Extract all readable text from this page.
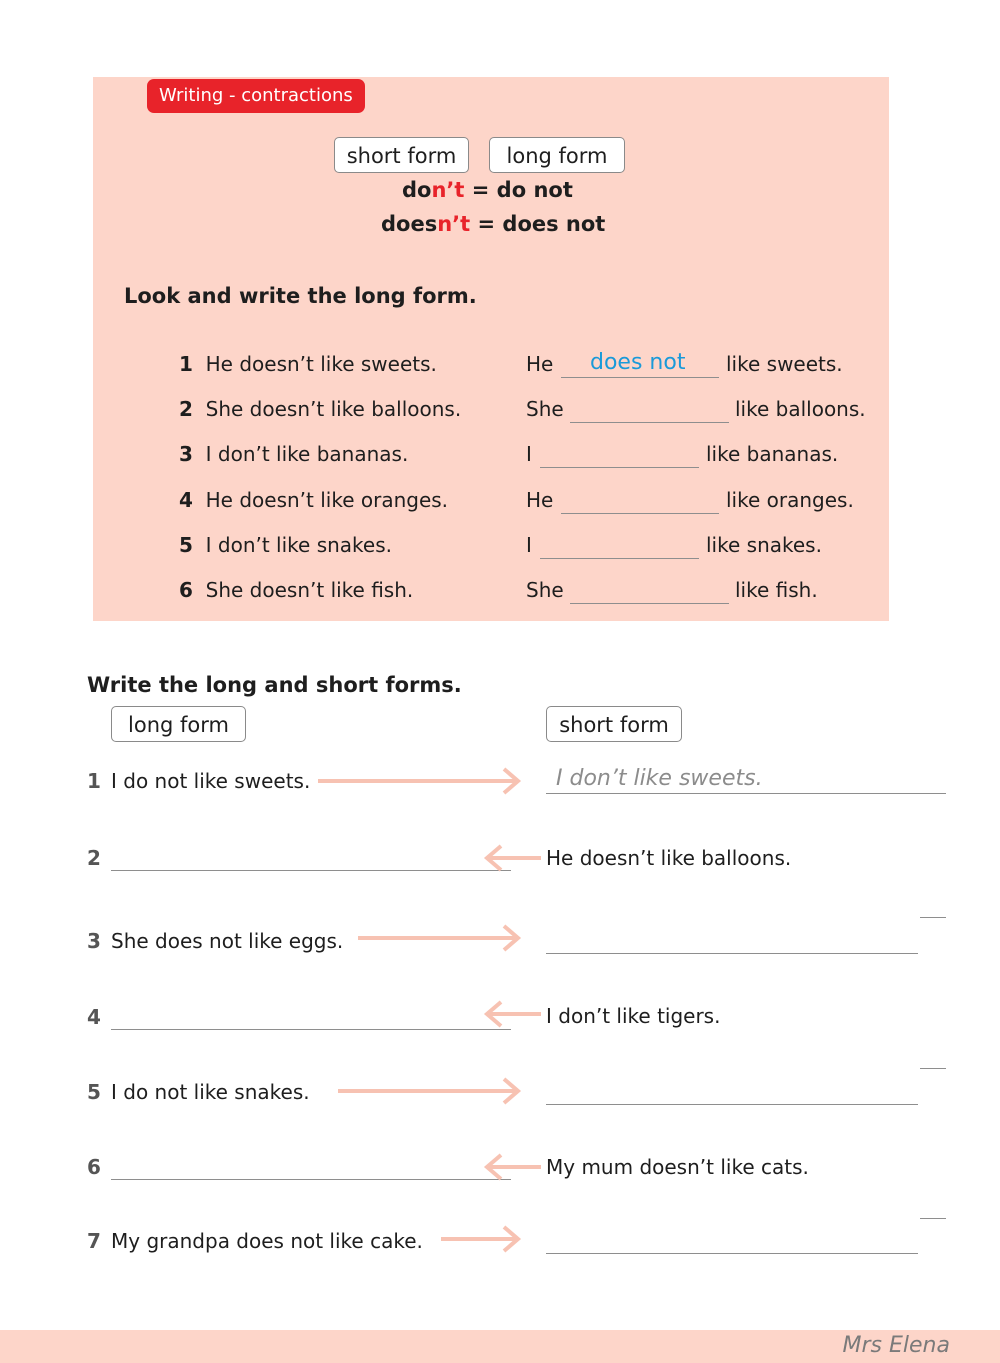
Writing - contractions
short form	long form
don’t = do not
doesn’t = does not
Look and write the long form.
1 He doesn’t like sweets.	He does not like sweets.
2 She doesn’t like balloons.	She	like balloons.
3 I don’t like bananas.	I	like bananas.
4 He doesn’t like oranges.	He	like oranges.
5 I don’t like snakes.	I	like snakes.
6 She doesn’t like fish.	She	like fish.
Write the long and short forms.
long form	short form
1 I do not like sweets.	I don’t like sweets.
2	He doesn’t like balloons.
3 She does not like eggs.
4	I don’t like tigers.
5 I do not like snakes.
6	My mum doesn’t like cats.
7 My grandpa does not like cake.
Mrs Elena
